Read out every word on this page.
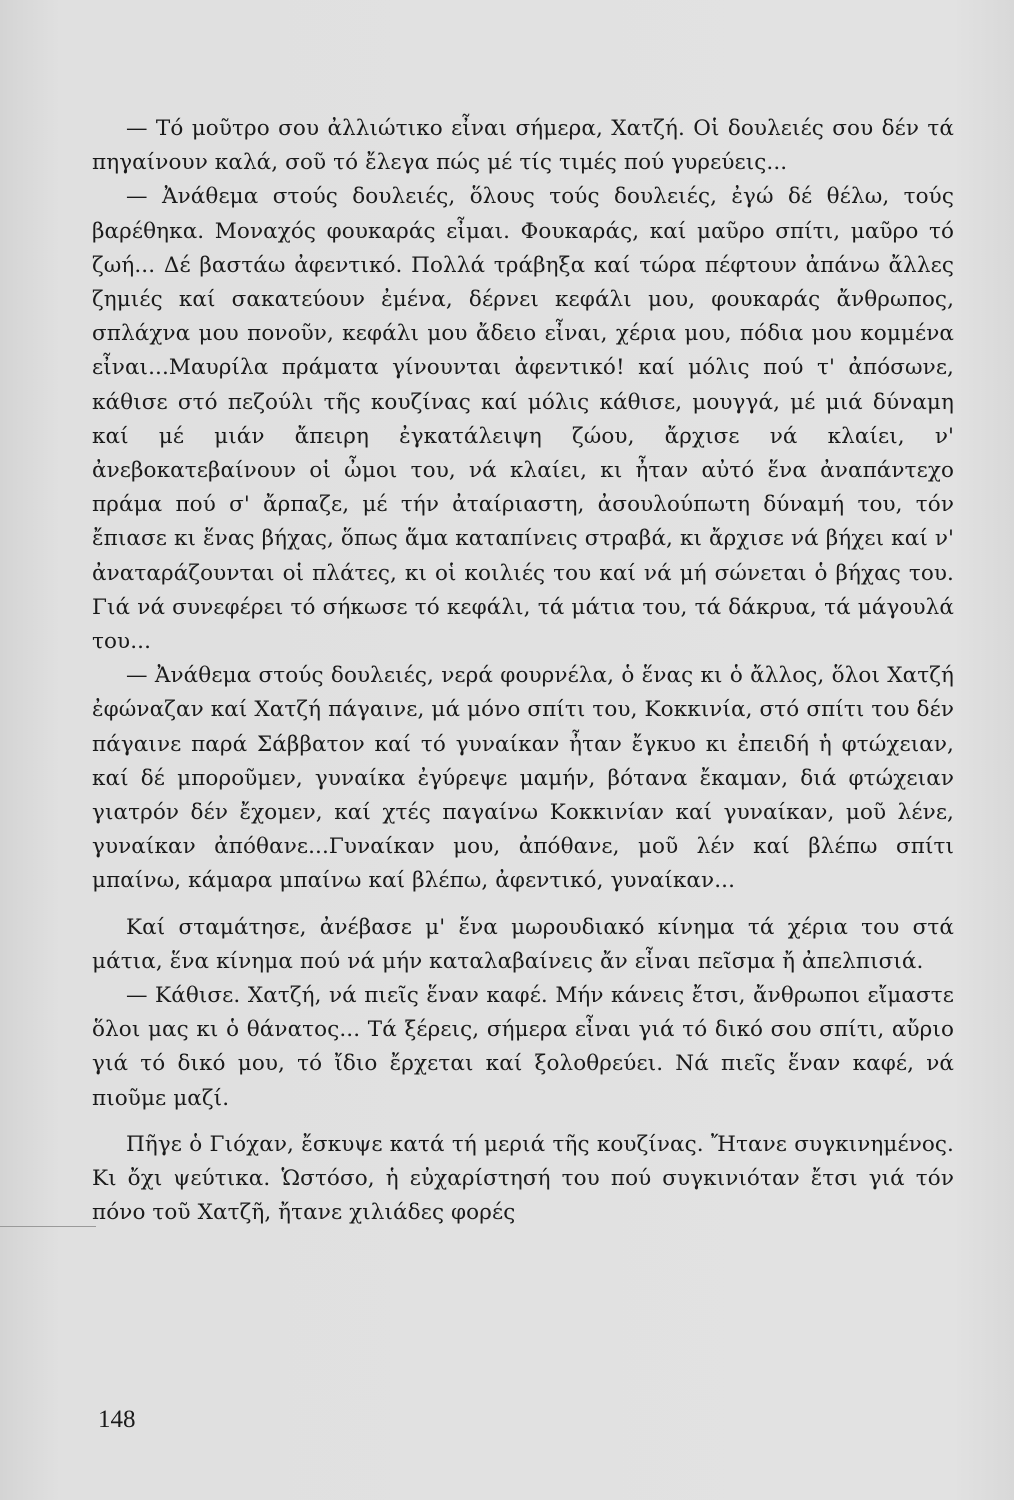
— Τό μοῦτρο σου ἀλλιώτικο εἶναι σήμερα, Χατζή. Οἱ δουλειές σου δέν τά πηγαίνουν καλά, σοῦ τό ἔλεγα πώς μέ τίς τιμές πού γυρεύεις...

— Ἀνάθεμα στούς δουλειές, ὅλους τούς δουλειές, ἐγώ δέ θέλω, τούς βαρέθηκα. Μοναχός φουκαράς εἶμαι. Φουκαράς, καί μαῦρο σπίτι, μαῦρο τό ζωή... Δέ βαστάω ἀφεντικό. Πολλά τράβηξα καί τώρα πέφτουν ἀπάνω ἄλλες ζημιές καί σακατεύουν ἐμένα, δέρνει κεφάλι μου, φουκαράς ἄνθρωπος, σπλάχνα μου πονοῦν, κεφάλι μου ἄδειο εἶναι, χέρια μου, πόδια μου κομμένα εἶναι...Μαυρίλα πράματα γίνουνται ἀφεντικό! καί μόλις πού τ' ἀπόσωνε, κάθισε στό πεζούλι τῆς κουζίνας καί μόλις κάθισε, μουγγά, μέ μιά δύναμη καί μέ μιάν ἄπειρη ἐγκατάλειψη ζώου, ἄρχισε νά κλαίει, ν' ἀνεβοκατεβαίνουν οἱ ὦμοι του, νά κλαίει, κι ἦταν αὐτό ἕνα ἀναπάντεχο πράμα πού σ' ἄρπαζε, μέ τήν ἀταίριαστη, ἀσουλούπωτη δύναμή του, τόν ἔπιασε κι ἕνας βήχας, ὅπως ἅμα καταπίνεις στραβά, κι ἄρχισε νά βήχει καί ν' ἀναταράζουνται οἱ πλάτες, κι οἱ κοιλιές του καί νά μή σώνεται ὁ βήχας του. Γιά νά συνεφέρει τό σήκωσε τό κεφάλι, τά μάτια του, τά δάκρυα, τά μάγουλά του...

— Ἀνάθεμα στούς δουλειές, νερά φουρνέλα, ὁ ἕνας κι ὁ ἄλλος, ὅλοι Χατζή ἐφώναζαν καί Χατζή πάγαινε, μά μόνο σπίτι του, Κοκκινία, στό σπίτι του δέν πάγαινε παρά Σάββατον καί τό γυναίκαν ἦταν ἔγκυο κι ἐπειδή ἡ φτώχειαν, καί δέ μποροῦμεν, γυναίκα ἐγύρεψε μαμήν, βότανα ἔκαμαν, διά φτώχειαν γιατρόν δέν ἔχομεν, καί χτές παγαίνω Κοκκινίαν καί γυναίκαν, μοῦ λένε, γυναίκαν ἀπόθανε...Γυναίκαν μου, ἀπόθανε, μοῦ λέν καί βλέπω σπίτι μπαίνω, κάμαρα μπαίνω καί βλέπω, ἀφεντικό, γυναίκαν...

Καί σταμάτησε, ἀνέβασε μ' ἕνα μωρουδιακό κίνημα τά χέρια του στά μάτια, ἕνα κίνημα πού νά μήν καταλαβαίνεις ἄν εἶναι πεῖσμα ἤ ἀπελπισιά.

— Κάθισε. Χατζή, νά πιεῖς ἕναν καφέ. Μήν κάνεις ἔτσι, ἄνθρωποι εἴμαστε ὅλοι μας κι ὁ θάνατος... Τά ξέρεις, σήμερα εἶναι γιά τό δικό σου σπίτι, αὔριο γιά τό δικό μου, τό ἴδιο ἔρχεται καί ξολοθρεύει. Νά πιεῖς ἕναν καφέ, νά πιοῦμε μαζί.

Πῆγε ὁ Γιόχαν, ἔσκυψε κατά τή μεριά τῆς κουζίνας. Ἤτανε συγκινημένος. Κι ὄχι ψεύτικα. Ὡστόσο, ἡ εὐχαρίστησή του πού συγκινιόταν ἔτσι γιά τόν πόνο τοῦ Χατζῆ, ἤτανε χιλιάδες φορές

148
